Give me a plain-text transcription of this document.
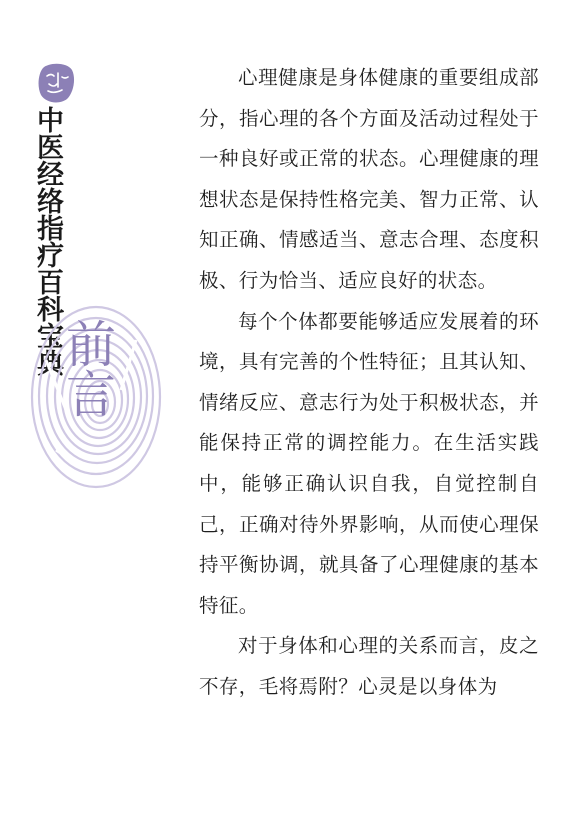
中医经络指疗百科宝典
前言

心理健康是身体健康的重要组成部分，指心理的各个方面及活动过程处于一种良好或正常的状态。心理健康的理想状态是保持性格完美、智力正常、认知正确、情感适当、意志合理、态度积极、行为恰当、适应良好的状态。

每个个体都要能够适应发展着的环境，具有完善的个性特征；且其认知、情绪反应、意志行为处于积极状态，并能保持正常的调控能力。在生活实践中，能够正确认识自我，自觉控制自己，正确对待外界影响，从而使心理保持平衡协调，就具备了心理健康的基本特征。

对于身体和心理的关系而言，皮之不存，毛将焉附？心灵是以身体为
